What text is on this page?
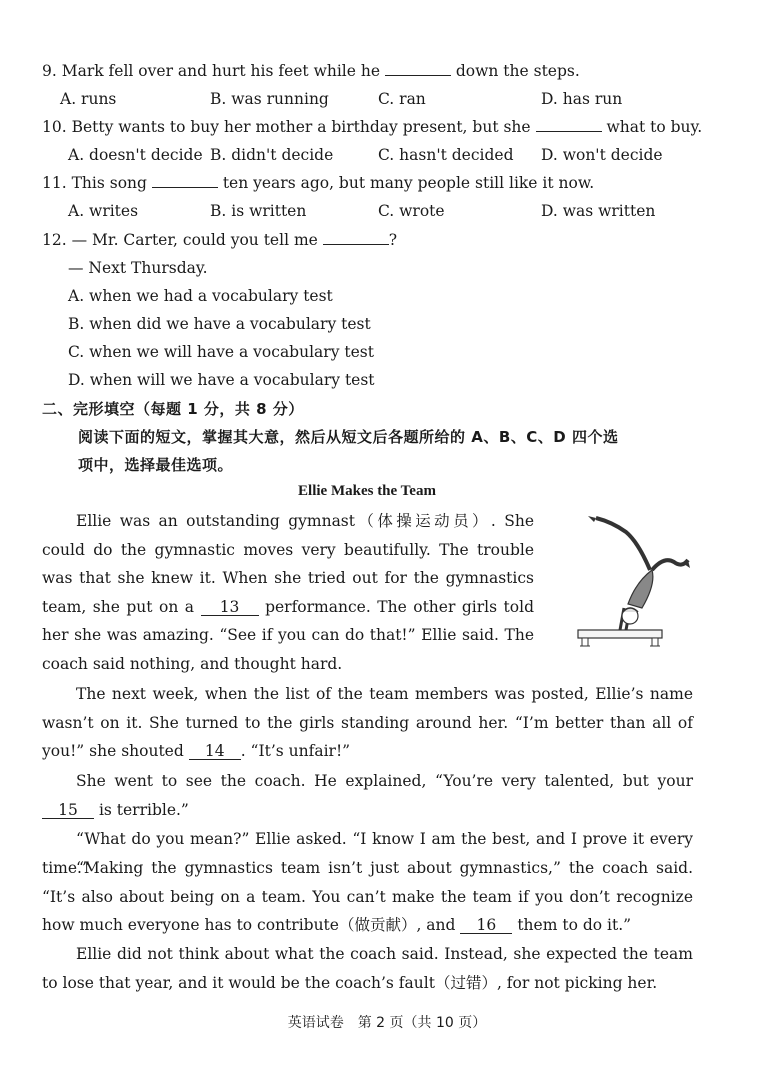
9. Mark fell over and hurt his feet while he	down the steps.
A. runs	B. was running	C. ran	D. has run
10. Betty wants to buy her mother a birthday present, but she	what to buy.
A. doesn't decide B. didn't decide	C. hasn't decided D. won't decide
11. This song	ten years ago, but many people still like it now.
A. writes	B. is written	C. wrote	D. was written
12. — Mr. Carter, could you tell me	?
— Next Thursday.
A. when we had a vocabulary test
B. when did we have a vocabulary test
C. when we will have a vocabulary test
D. when will we have a vocabulary test
二、完形填空（每题 1 分，共 8 分）
阅读下面的短文，掌握其大意，然后从短文后各题所给的 A、B、C、D 四个选
项中，选择最佳选项。
Ellie Makes the Team
Ellie was an outstanding gymnast（体操运动员）. She could do the gymnastic moves very beautifully. The trouble was that she knew it. When she tried out for the gymnastics team, she put on a 13 performance. The other girls told her she was amazing. “See if you can do that!” Ellie said. The coach said nothing, and thought hard.
The next week, when the list of the team members was posted, Ellie’s name wasn’t on it. She turned to the girls standing around her. “I’m better than all of you!” she shouted 14 . “It’s unfair!”
She went to see the coach. He explained, “You’re very talented, but your 15 is terrible.”
“What do you mean?” Ellie asked. “I know I am the best, and I prove it every time.”
“Making the gymnastics team isn’t just about gymnastics,” the coach said. “It’s also about being on a team. You can’t make the team if you don’t recognize how much everyone has to contribute（做贡献）, and 16 them to do it.”
Ellie did not think about what the coach said. Instead, she expected the team to lose that year, and it would be the coach’s fault（过错）, for not picking her.
英语试卷　第 2 页（共 10 页）
